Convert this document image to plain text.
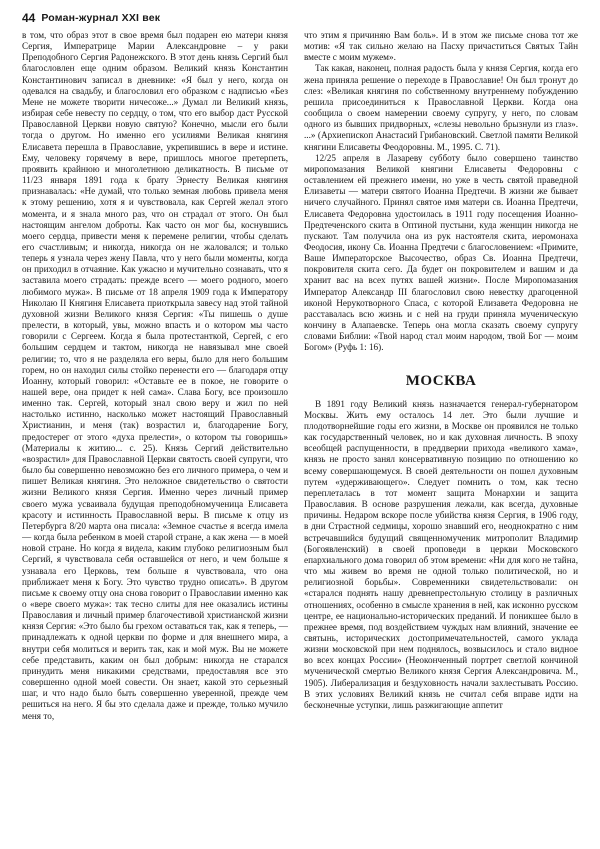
44 Роман-журнал XXI век

в том, что образ этот в свое время был подарен ею матери князя Сергия, Императрице Марии Александровне – у раки Преподобного Сергия Радонежского. В этот день князь Сергий был благословлен еще одним образом. Великий князь Константин Константинович записал в дневнике: «Я был у него, когда он одевался на свадьбу, и благословил его образком с надписью «Без Мене не можете творити ничесоже...» Думал ли Великий князь, избирая себе невесту по сердцу, о том, что его выбор даст Русской Православной Церкви новую святую? Конечно, мысли его были тогда о другом. Но именно его усилиями Великая княгиня Елисавета перешла в Православие, укрепившись в вере и истине. Ему, человеку горячему в вере, пришлось многое претерпеть, проявить крайнюю и многолетнюю деликатность. В письме от 11/23 января 1891 года к брату Эрнесту Великая княгиня признавалась: «Не думай, что только земная любовь привела меня к этому решению, хотя я и чувствовала, как Сергей желал этого момента, и я знала много раз, что он страдал от этого. Он был настоящим ангелом доброты. Как часто он мог бы, коснувшись моего сердца, привести меня к перемене религии, чтобы сделать его счастливым; и никогда, никогда он не жаловался; и только теперь я узнала через жену Павла, что у него были моменты, когда он приходил в отчаяние. Как ужасно и мучительно сознавать, что я заставила моего страдать: прежде всего — моего родного, моего любимого мужа». В письме от 18 апреля 1909 года к Императору Николаю II Княгиня Елисавета приоткрыла завесу над этой тайной духовной жизни Великого князя Сергия: «Ты пишешь о душе прелести, в который, увы, можно впасть и о котором мы часто говорили с Сергеем. Когда я была протестанткой, Сергей, с его большим сердцем и тактом, никогда не навязывал мне своей религии; то, что я не разделяла его веры, было для него большим горем, но он находил силы стойко перенести его — благодаря отцу Иоанну, который говорил: «Оставьте ее в покое, не говорите о нашей вере, она придет к ней сама». Слава Богу, все произошло именно так. Сергей, который знал свою веру и жил по ней настолько истинно, насколько может настоящий Православный Христианин, и меня (так) возрастил и, благодарение Богу, предостерег от этого «духа прелести», о котором ты говоришь» (Материалы к житию... с. 25). Князь Сергий действительно «возрастил» для Православной Церкви святость своей супруги, что было бы совершенно невозможно без его личного примера, о чем и пишет Великая княгиня. Это неложное свидетельство о святости жизни Великого князя Сергия. Именно через личный пример своего мужа усваивала будущая преподобномученица Елисавета красоту и истинность Православной веры. В письме к отцу из Петербурга 8/20 марта она писала: «Земное счастье я всегда имела — когда была ребенком в моей старой стране, а как жена — в моей новой стране. Но когда я видела, каким глубоко религиозным был Сергий, я чувствовала себя оставшейся от него, и чем больше я узнавала его Церковь, тем больше я чувствовала, что она приближает меня к Богу. Это чувство трудно описать». В другом письме к своему отцу она снова говорит о Православии именно как о «вере своего мужа»: так тесно слиты для нее оказались истины Православия и личный пример благочестивой христианской жизни князя Сергия: «Это было бы грехом оставаться так, как я теперь, — принадлежать к одной церкви по форме и для внешнего мира, а внутри себя молиться и верить так, как и мой муж. Вы не можете себе представить, каким он был добрым: никогда не старался принудить меня никакими средствами, предоставляя все это совершенно одной моей совести. Он знает, какой это серьезный шаг, и что надо было быть совершенно уверенной, прежде чем решиться на него. Я бы это сделала даже и прежде, только мучило меня то,

что этим я причиняю Вам боль». И в этом же письме снова тот же мотив: «Я так сильно желаю на Пасху причаститься Святых Тайн вместе с моим мужем».

Так какая, наконец, полная радость была у князя Сергия, когда его жена приняла решение о переходе в Православие! Он был тронут до слез: «Великая княгиня по собственному внутреннему побуждению решила присоединиться к Православной Церкви. Когда она сообщила о своем намерении своему супругу, у него, по словам одного из бывших придворных, «слезы невольно брызнули из глаз». ...» (Архиепископ Анастасий Грибановский. Светлой памяти Великой княгини Елисаветы Феодоровны. М., 1995. С. 71).

12/25 апреля в Лазареву субботу было совершено таинство миропомазания Великой княгини Елисаветы Федоровны с оставлением ей прежнего имени, но уже в честь святой праведной Елизаветы — матери святого Иоанна Предтечи. В жизни же бывает ничего случайного. Принял святое имя матери св. Иоанна Предтечи, Елисавета Федоровна удостоилась в 1911 году посещения Иоанно-Предтеченского скита в Оптиной пустыни, куда женщин никогда не пускают. Там получила она из рук настоятеля скита, иеромонаха Феодосия, икону Св. Иоанна Предтечи с благословением: «Примите, Ваше Императорское Высочество, образ Св. Иоанна Предтечи, покровителя скита сего. Да будет он покровителем и вашим и да хранит вас на всех путях вашей жизни». После Миропомазания Император Александр III благословил свою невестку драгоценной иконой Нерукотворного Спаса, с которой Елизавета Федоровна не расставалась всю жизнь и с ней на груди приняла мученическую кончину в Алапаевске. Теперь она могла сказать своему супругу словами Библии: «Твой народ стал моим народом, твой Бог — моим Богом» (Руфь 1: 16).

МОСКВА

В 1891 году Великий князь назначается генерал-губернатором Москвы. Жить ему осталось 14 лет. Это были лучшие и плодотворнейшие годы его жизни, в Москве он проявился не только как государственный человек, но и как духовная личность. В эпоху всеобщей распущенности, в преддверии прихода «великого хама», князь не просто занял консервативную позицию по отношению ко всему совершающемуся. В своей деятельности он пошел духовным путем «удерживающего». Следует помнить о том, как тесно переплеталась в тот момент защита Монархии и защита Православия. В основе разрушения лежали, как всегда, духовные причины. Недаром вскоре после убийства князя Сергия, в 1906 году, в дни Страстной седмицы, хорошо знавший его, неоднократно с ним встречавшийся будущий священномученик митрополит Владимир (Богоявленский) в своей проповеди в церкви Московского епархиального дома говорил об этом времени: «Ни для кого не тайна, что мы живем во время не одной только политической, но и религиозной борьбы». Современники свидетельствовали: он «старался поднять нашу древнепрестольную столицу в различных отношениях, особенно в смысле хранения в ней, как исконно русском центре, ее национально-исторических преданий. И поникшее было в прежнее время, под воздействием чуждых нам влияний, значение ее святынь, исторических достопримечательностей, самого уклада жизни московской при нем поднялось, возвысилось и стало видное во всех концах России» (Неоконченный портрет светлой кончиной мученической смертью Великого князя Сергия Александровича. М., 1905). Либерализация и бездуховность начали захлестывать Россию. В этих условиях Великий князь не считал себя вправе идти на бесконечные уступки, лишь разжигающие аппетит
